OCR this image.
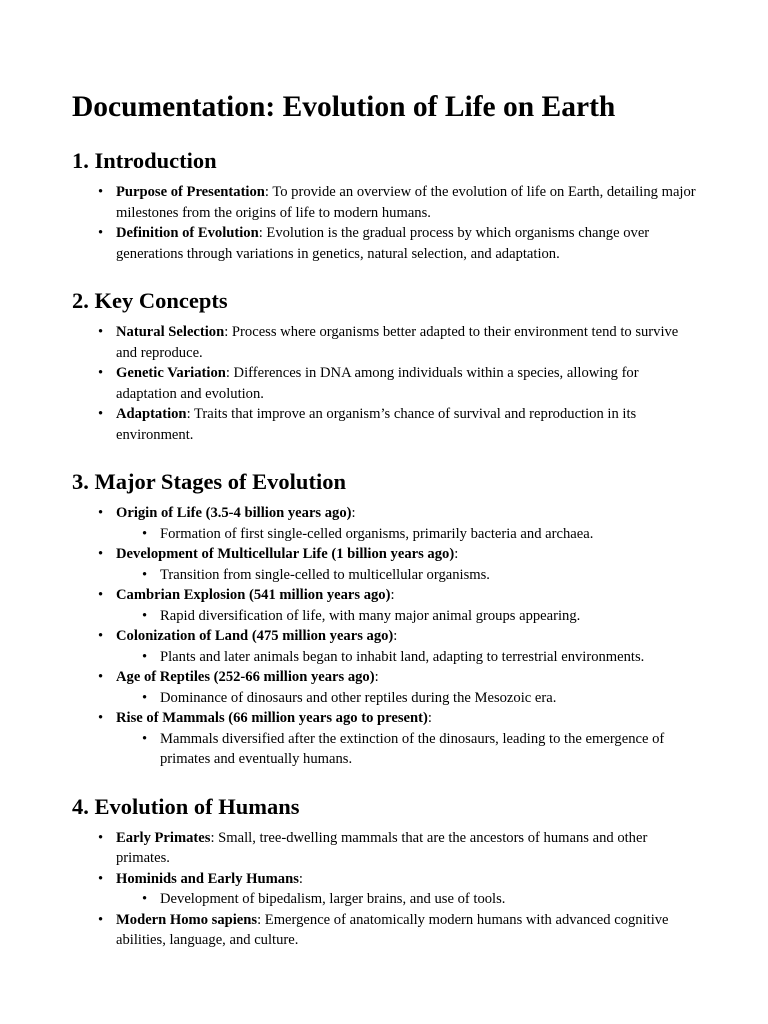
Documentation: Evolution of Life on Earth
1. Introduction
• Purpose of Presentation: To provide an overview of the evolution of life on Earth, detailing major milestones from the origins of life to modern humans.
• Definition of Evolution: Evolution is the gradual process by which organisms change over generations through variations in genetics, natural selection, and adaptation.
2. Key Concepts
• Natural Selection: Process where organisms better adapted to their environment tend to survive and reproduce.
• Genetic Variation: Differences in DNA among individuals within a species, allowing for adaptation and evolution.
• Adaptation: Traits that improve an organism’s chance of survival and reproduction in its environment.
3. Major Stages of Evolution
• Origin of Life (3.5-4 billion years ago):
• Formation of first single-celled organisms, primarily bacteria and archaea.
• Development of Multicellular Life (1 billion years ago):
• Transition from single-celled to multicellular organisms.
• Cambrian Explosion (541 million years ago):
• Rapid diversification of life, with many major animal groups appearing.
• Colonization of Land (475 million years ago):
• Plants and later animals began to inhabit land, adapting to terrestrial environments.
• Age of Reptiles (252-66 million years ago):
• Dominance of dinosaurs and other reptiles during the Mesozoic era.
• Rise of Mammals (66 million years ago to present):
• Mammals diversified after the extinction of the dinosaurs, leading to the emergence of primates and eventually humans.
4. Evolution of Humans
• Early Primates: Small, tree-dwelling mammals that are the ancestors of humans and other primates.
• Hominids and Early Humans:
• Development of bipedalism, larger brains, and use of tools.
• Modern Homo sapiens: Emergence of anatomically modern humans with advanced cognitive abilities, language, and culture.
